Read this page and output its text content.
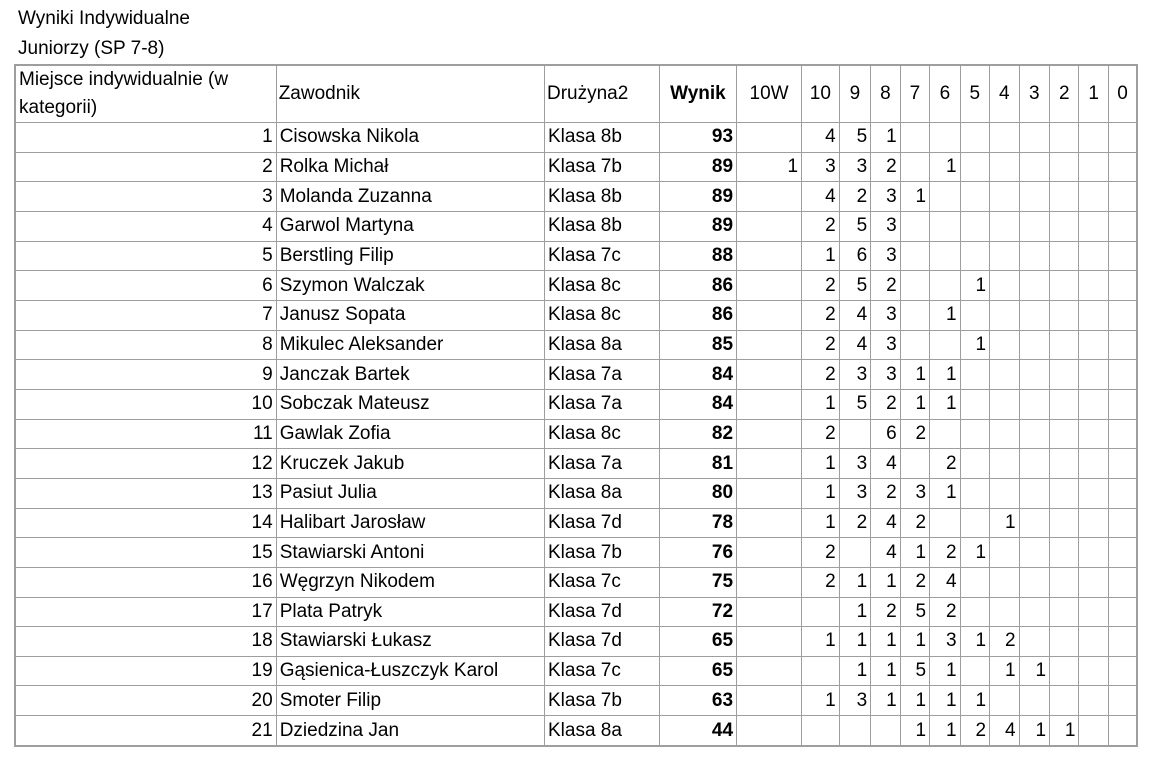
Wyniki Indywidualne
Juniorzy (SP 7-8)
Miejsce indywidualnie (w kategorii)	Zawodnik	Drużyna2	Wynik	10W	10	9	8	7	6	5	4	3	2	1	0
1	Cisowska Nikola	Klasa 8b	93		4	5	1								
2	Rolka Michał	Klasa 7b	89	1	3	3	2		1						
3	Molanda Zuzanna	Klasa 8b	89		4	2	3	1							
4	Garwol Martyna	Klasa 8b	89		2	5	3								
5	Berstling Filip	Klasa 7c	88		1	6	3								
6	Szymon Walczak	Klasa 8c	86		2	5	2			1					
7	Janusz Sopata	Klasa 8c	86		2	4	3		1						
8	Mikulec Aleksander	Klasa 8a	85		2	4	3			1					
9	Janczak Bartek	Klasa 7a	84		2	3	3	1	1						
10	Sobczak Mateusz	Klasa 7a	84		1	5	2	1	1						
11	Gawlak Zofia	Klasa 8c	82		2		6	2							
12	Kruczek Jakub	Klasa 7a	81		1	3	4		2						
13	Pasiut Julia	Klasa 8a	80		1	3	2	3	1						
14	Halibart Jarosław	Klasa 7d	78		1	2	4	2			1				
15	Stawiarski Antoni	Klasa 7b	76		2		4	1	2	1					
16	Węgrzyn Nikodem	Klasa 7c	75		2	1	1	2	4						
17	Plata Patryk	Klasa 7d	72			1	2	5	2						
18	Stawiarski Łukasz	Klasa 7d	65		1	1	1	1	3	1	2				
19	Gąsienica-Łuszczyk Karol	Klasa 7c	65			1	1	5	1		1	1			
20	Smoter Filip	Klasa 7b	63		1	3	1	1	1	1					
21	Dziedzina Jan	Klasa 8a	44					1	1	2	4	1	1		
